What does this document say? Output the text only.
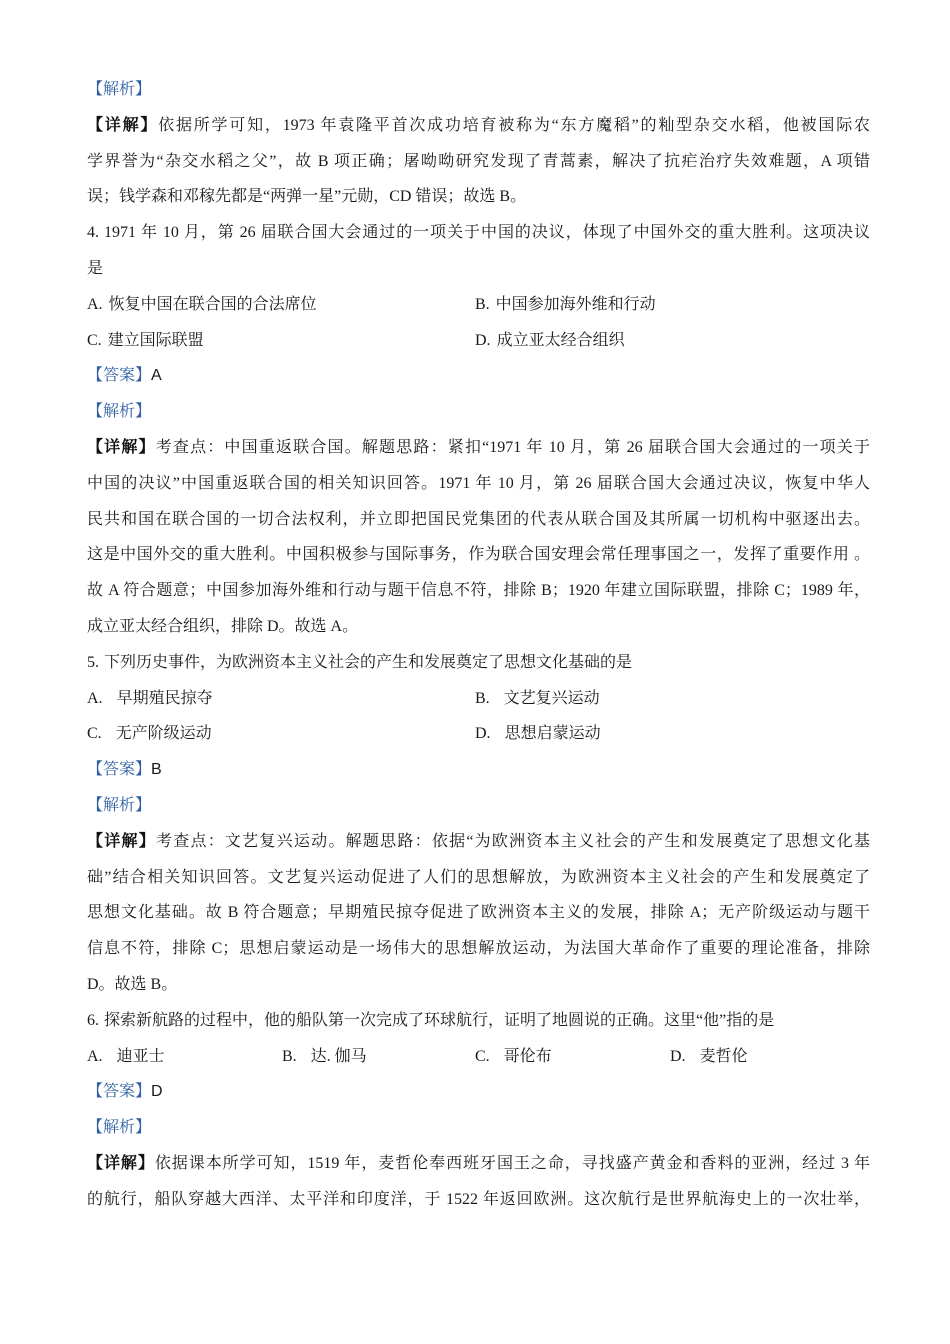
【解析】
【详解】依据所学可知，1973 年袁隆平首次成功培育被称为“东方魔稻”的籼型杂交水稻，他被国际农
学界誉为“杂交水稻之父”，故 B 项正确；屠呦呦研究发现了青蒿素，解决了抗疟治疗失效难题，A 项错
误；钱学森和邓稼先都是“两弹一星”元勋，CD 错误；故选 B。
4. 1971 年 10 月，第 26 届联合国大会通过的一项关于中国的决议，体现了中国外交的重大胜利。这项决议
是
A. 恢复中国在联合国的合法席位	B. 中国参加海外维和行动
C. 建立国际联盟	D. 成立亚太经合组织
【答案】A
【解析】
【详解】考查点：中国重返联合国。解题思路：紧扣“1971 年 10 月，第 26 届联合国大会通过的一项关于
中国的决议”中国重返联合国的相关知识回答。1971 年 10 月，第 26 届联合国大会通过决议，恢复中华人
民共和国在联合国的一切合法权利，并立即把国民党集团的代表从联合国及其所属一切机构中驱逐出去。
这是中国外交的重大胜利。中国积极参与国际事务，作为联合国安理会常任理事国之一，发挥了重要作用 。
故 A 符合题意；中国参加海外维和行动与题干信息不符，排除 B；1920 年建立国际联盟，排除 C；1989 年，
成立亚太经合组织，排除 D。故选 A。
5. 下列历史事件，为欧洲资本主义社会的产生和发展奠定了思想文化基础的是
A. 早期殖民掠夺	B. 文艺复兴运动
C. 无产阶级运动	D. 思想启蒙运动
【答案】B
【解析】
【详解】考查点：文艺复兴运动。解题思路：依据“为欧洲资本主义社会的产生和发展奠定了思想文化基
础”结合相关知识回答。文艺复兴运动促进了人们的思想解放，为欧洲资本主义社会的产生和发展奠定了
思想文化基础。故 B 符合题意；早期殖民掠夺促进了欧洲资本主义的发展，排除 A；无产阶级运动与题干
信息不符，排除 C；思想启蒙运动是一场伟大的思想解放运动，为法国大革命作了重要的理论准备，排除
D。故选 B。
6. 探索新航路的过程中，他的船队第一次完成了环球航行，证明了地圆说的正确。这里“他”指的是
A. 迪亚士	B. 达. 伽马	C. 哥伦布	D. 麦哲伦
【答案】D
【解析】
【详解】依据课本所学可知，1519 年，麦哲伦奉西班牙国王之命，寻找盛产黄金和香料的亚洲，经过 3 年
的航行，船队穿越大西洋、太平洋和印度洋，于 1522 年返回欧洲。这次航行是世界航海史上的一次壮举，
